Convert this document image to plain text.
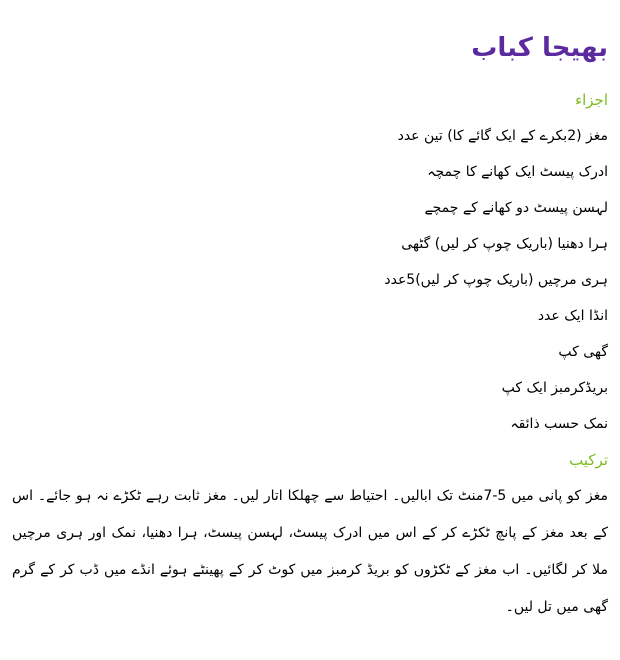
بھیجا کباب
اجزاء
مغز (2بکرے کے ایک گائے کا) تین عدد
ادرک پیسٹ ایک کھانے کا چمچہ
لہسن پیسٹ دو کھانے کے چمچے
ہرا دھنیا (باریک چوپ کر لیں) گٹھی
ہری مرچیں (باریک چوپ کر لیں)5عدد
انڈا ایک عدد
گھی کپ
بریڈکرمبز ایک کپ
نمک حسب ذائقہ
ترکیب

مغز کو پانی میں 5-7منٹ تک ابالیں۔ احتیاط سے چھلکا اتار لیں۔ مغز ثابت رہے ٹکڑے نہ ہو جائے۔ اس کے بعد مغز کے پانچ ٹکڑے کر کے اس میں ادرک پیسٹ، لہسن پیسٹ، ہرا دھنیا، نمک اور ہری مرچیں ملا کر لگائیں۔ اب مغز کے ٹکڑوں کو بریڈ کرمبز میں کوٹ کر کے پھینٹے ہوئے انڈے میں ڈب کر کے گرم گھی میں تل لیں۔
